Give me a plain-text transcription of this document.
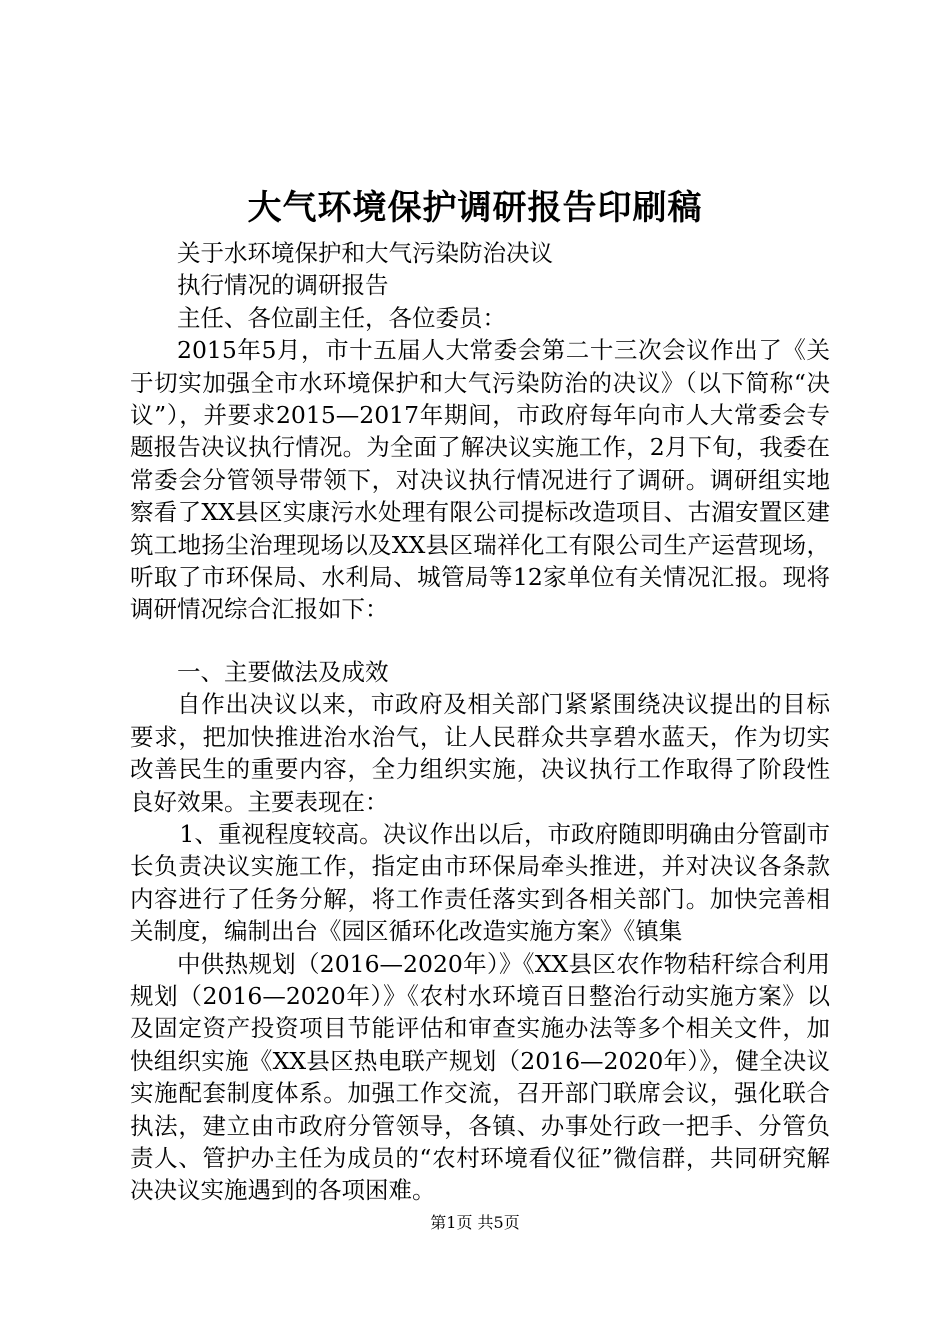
大气环境保护调研报告印刷稿

关于水环境保护和大气污染防治决议

执行情况的调研报告

主任、各位副主任，各位委员：

2015年5月，市十五届人大常委会第二十三次会议作出了《关于切实加强全市水环境保护和大气污染防治的决议》（以下简称“决议”），并要求2015—2017年期间，市政府每年向市人大常委会专题报告决议执行情况。为全面了解决议实施工作，2月下旬，我委在常委会分管领导带领下，对决议执行情况进行了调研。调研组实地察看了XX县区实康污水处理有限公司提标改造项目、古湄安置区建筑工地扬尘治理现场以及XX县区瑞祥化工有限公司生产运营现场，听取了市环保局、水利局、城管局等12家单位有关情况汇报。现将调研情况综合汇报如下：

一、主要做法及成效

自作出决议以来，市政府及相关部门紧紧围绕决议提出的目标要求，把加快推进治水治气，让人民群众共享碧水蓝天，作为切实改善民生的重要内容，全力组织实施，决议执行工作取得了阶段性良好效果。主要表现在：

1、重视程度较高。决议作出以后，市政府随即明确由分管副市长负责决议实施工作，指定由市环保局牵头推进，并对决议各条款内容进行了任务分解，将工作责任落实到各相关部门。加快完善相关制度，编制出台《园区循环化改造实施方案》《镇集

中供热规划（2016—2020年）》《XX县区农作物秸秆综合利用规划（2016—2020年）》《农村水环境百日整治行动实施方案》以及固定资产投资项目节能评估和审查实施办法等多个相关文件，加快组织实施《XX县区热电联产规划（2016—2020年）》，健全决议实施配套制度体系。加强工作交流，召开部门联席会议，强化联合执法，建立由市政府分管领导，各镇、办事处行政一把手、分管负责人、管护办主任为成员的“农村环境看仪征”微信群，共同研究解决决议实施遇到的各项困难。

第1页 共5页
